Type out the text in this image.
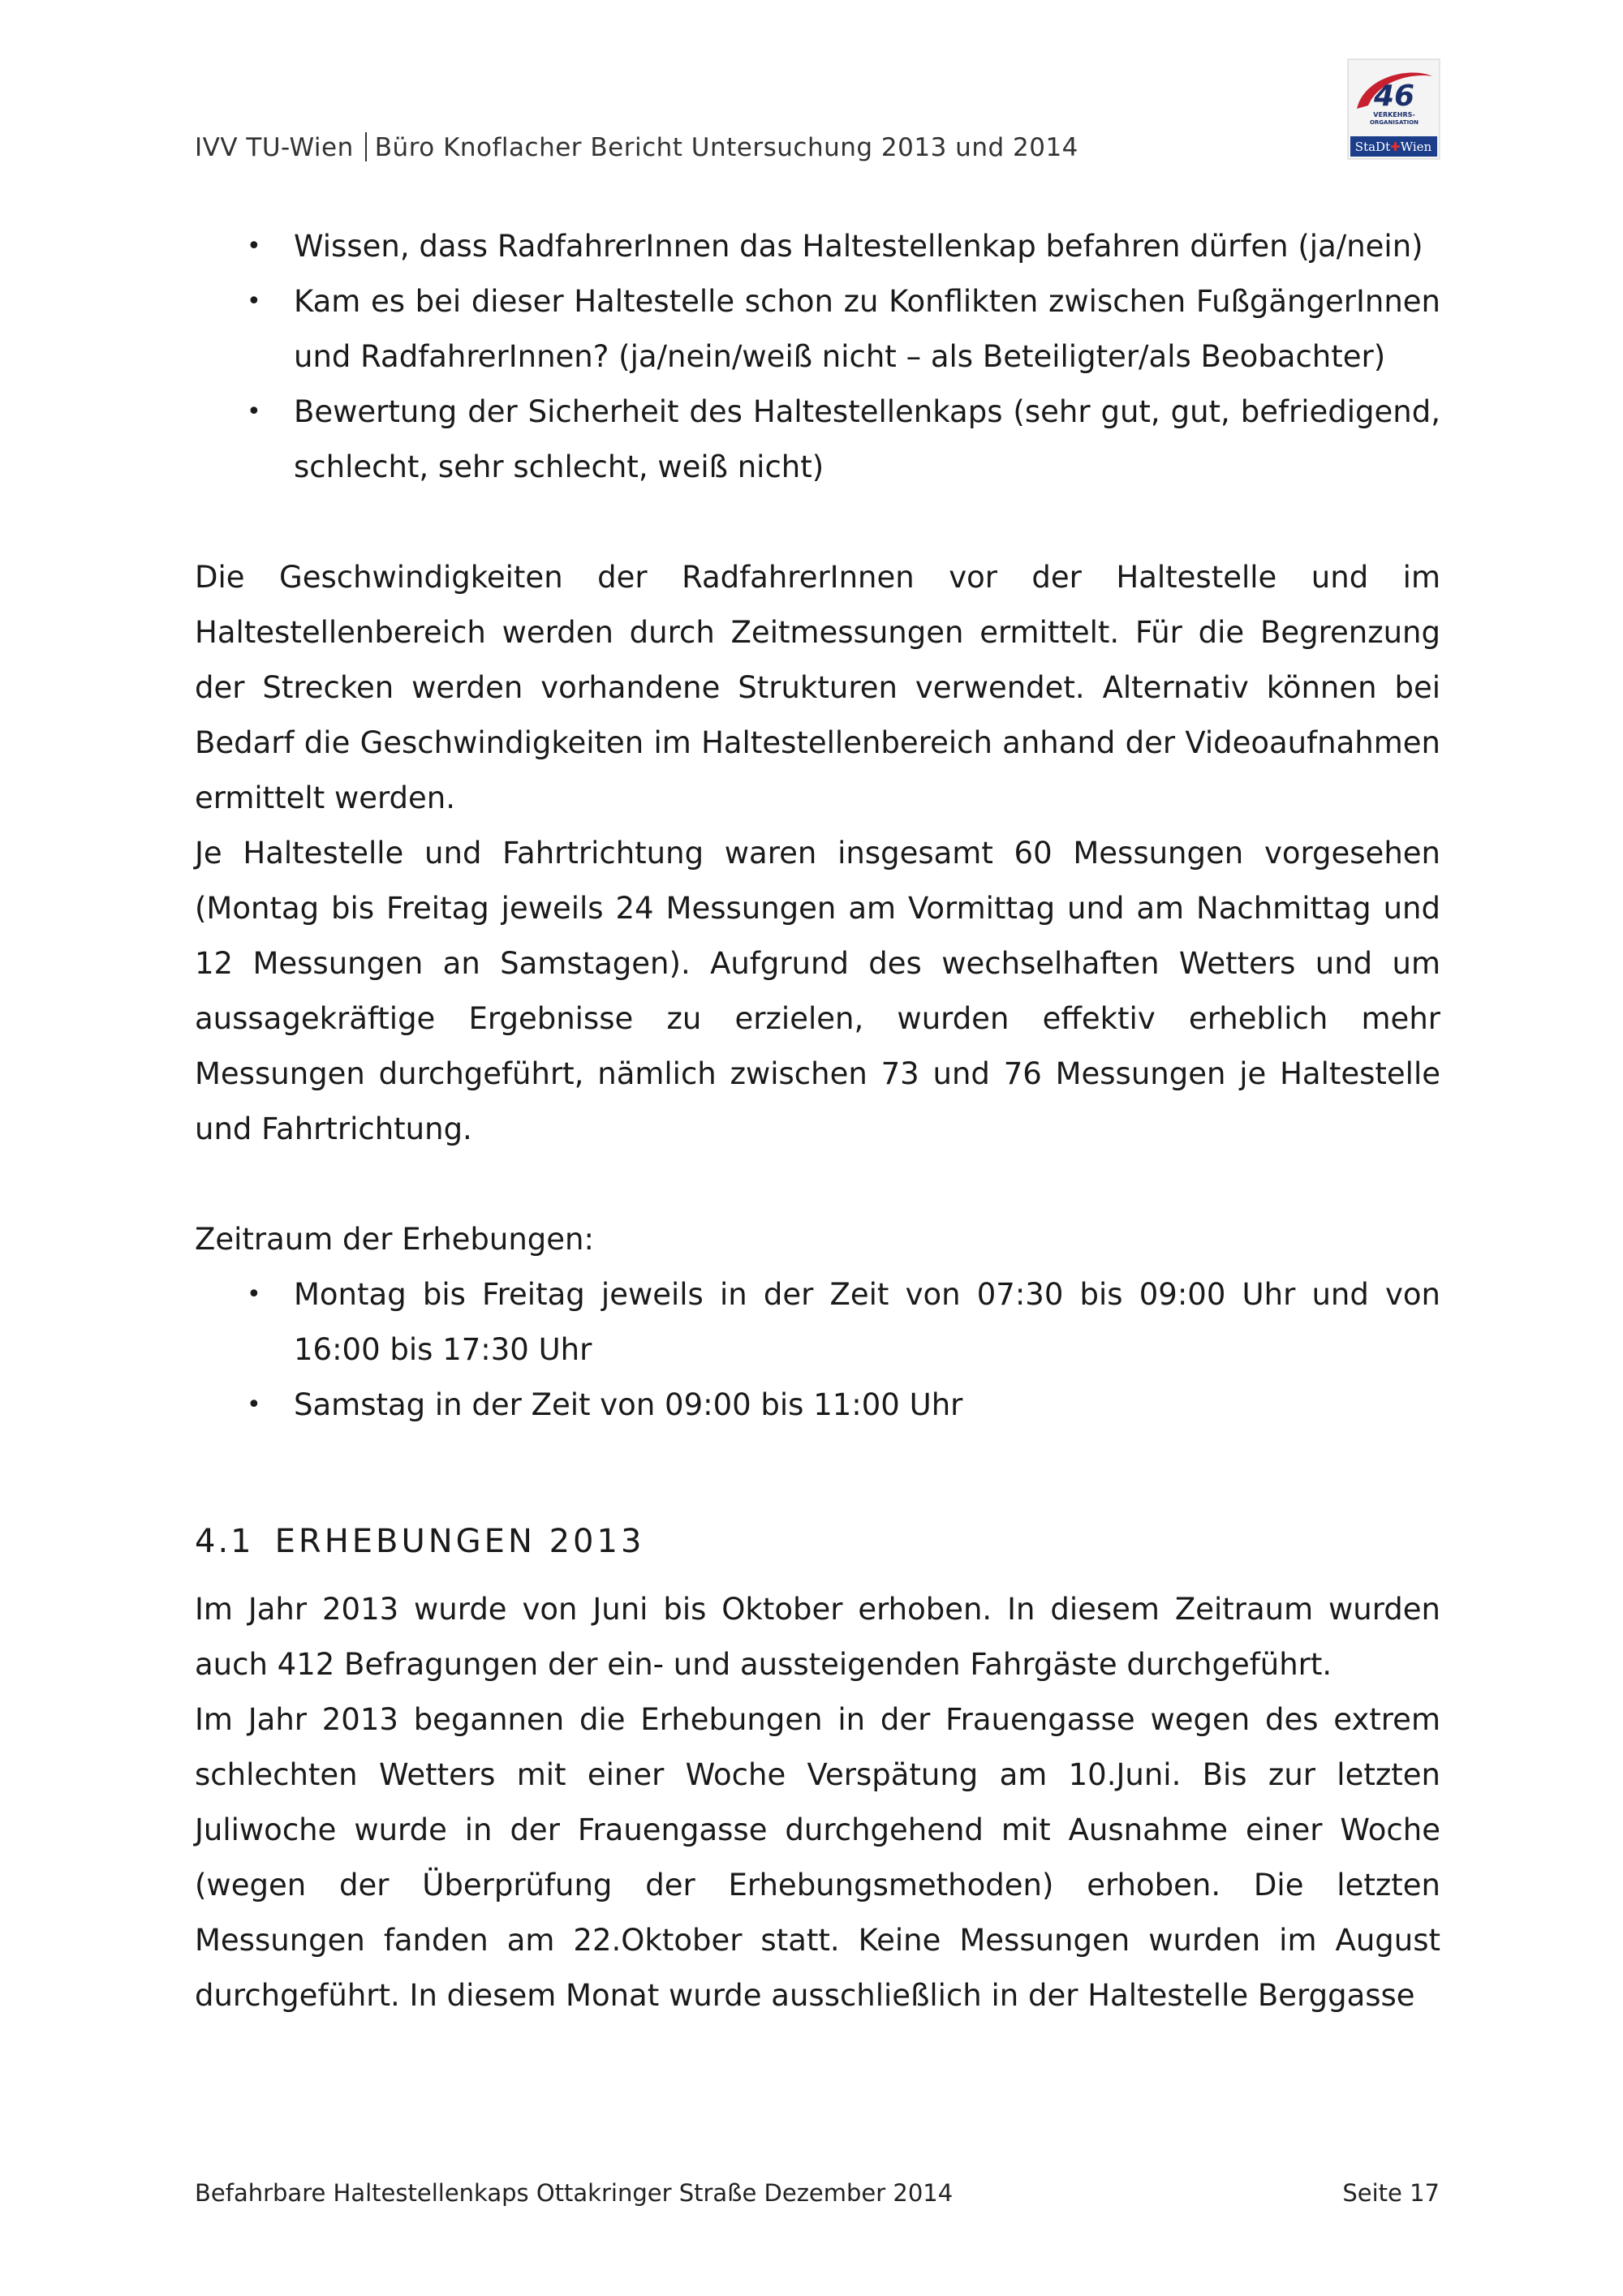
IVV TU-Wien Büro Knoflacher Bericht Untersuchung 2013 und 2014
46
VERKEHRS-
ORGANISATION
StaDt✚Wien
• Wissen, dass RadfahrerInnen das Haltestellenkap befahren dürfen (ja/nein)
• Kam es bei dieser Haltestelle schon zu Konflikten zwischen FußgängerInnen und RadfahrerInnen? (ja/nein/weiß nicht – als Beteiligter/als Beobachter)
• Bewertung der Sicherheit des Haltestellenkaps (sehr gut, gut, befriedigend, schlecht, sehr schlecht, weiß nicht)

Die Geschwindigkeiten der RadfahrerInnen vor der Haltestelle und im Haltestellenbereich werden durch Zeitmessungen ermittelt. Für die Begrenzung der Strecken werden vorhandene Strukturen verwendet. Alternativ können bei Bedarf die Geschwindigkeiten im Haltestellenbereich anhand der Videoaufnahmen ermittelt werden.

Je Haltestelle und Fahrtrichtung waren insgesamt 60 Messungen vorgesehen (Montag bis Freitag jeweils 24 Messungen am Vormittag und am Nachmittag und 12 Messungen an Samstagen). Aufgrund des wechselhaften Wetters und um aussagekräftige Ergebnisse zu erzielen, wurden effektiv erheblich mehr Messungen durchgeführt, nämlich zwischen 73 und 76 Messungen je Haltestelle und Fahrtrichtung.

Zeitraum der Erhebungen:

• Montag bis Freitag jeweils in der Zeit von 07:30 bis 09:00 Uhr und von 16:00 bis 17:30 Uhr
• Samstag in der Zeit von 09:00 bis 11:00 Uhr
4.1 ERHEBUNGEN 2013

Im Jahr 2013 wurde von Juni bis Oktober erhoben. In diesem Zeitraum wurden auch 412 Befragungen der ein- und aussteigenden Fahrgäste durchgeführt.

Im Jahr 2013 begannen die Erhebungen in der Frauengasse wegen des extrem schlechten Wetters mit einer Woche Verspätung am 10.Juni. Bis zur letzten Juliwoche wurde in der Frauengasse durchgehend mit Ausnahme einer Woche (wegen der Überprüfung der Erhebungsmethoden) erhoben. Die letzten Messungen fanden am 22.Oktober statt. Keine Messungen wurden im August durchgeführt. In diesem Monat wurde ausschließlich in der Haltestelle Berggasse

Befahrbare Haltestellenkaps Ottakringer Straße Dezember 2014	Seite 17
